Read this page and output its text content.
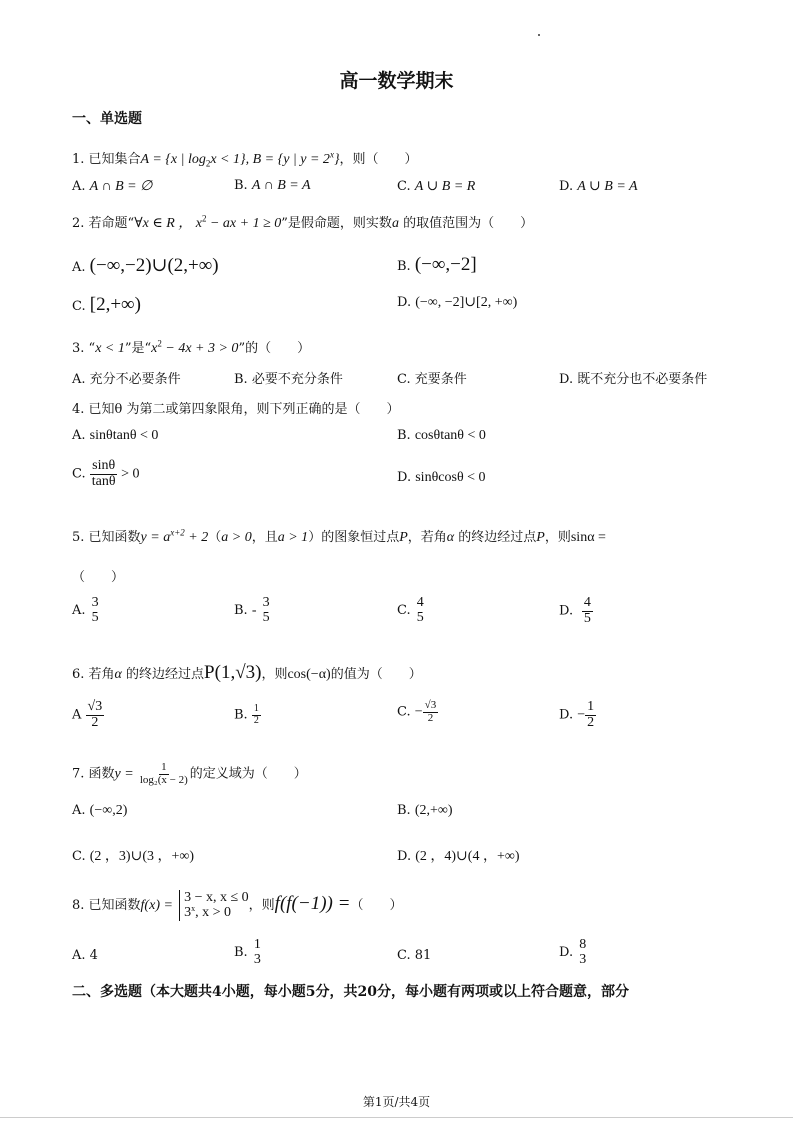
高一数学期末
一、单选题
1. 已知集合A = {x | $\log_2x < 1$}, B = {y | $y = 2^x$}，则（　　）
A. A ∩ B = ∅	B. A ∩ B = A	C. A ∪ B = R	D. A ∪ B = A
2. 若命题“∀x ∈ R ， $x^2$ − ax + 1 ≥ 0”是假命题，则实数a 的取值范围为（　　）
A. (−∞,−2)∪(2,+∞)	B. (−∞,−2]
C. [2,+∞)	D. (−∞, −2]∪[2, +∞)
3. “x < 1”是“$x^2 - 4x + 3 > 0$”的（　　）
A. 充分不必要条件	B. 必要不充分条件	C. 充要条件	D. 既不充分也不必要条件
4. 已知θ 为第二或第四象限角，则下列正确的是（　　）
A. sinθtanθ < 0	B. cosθtanθ < 0
C. $\frac{\sin\theta}{\tan\theta} > 0$	D. sinθcosθ < 0
5. 已知函数$y = a^{x+2} + 2(a > 0$，且a > 1）的图象恒过点P，若角α 的终边经过点P，则sinα =
（　　）
A.
3
5	B. -
3
5	C.
4
5	D. $\frac{4}{5}$
6. 若角α 的终边经过点P(1,√3)，则cos(−α)的值为（　　）
A $\frac{√3}{2}$	B. $\frac{1}{2}$	C. − $\frac{√3}{2}$	D. − $\frac{1}{2}$
7. 函数$y = \frac{1}{\text{log₂(x − 2)}}$ 的定义域为（　　）
A. (−∞,2)	B. (2,+∞)
C. (2 ，3)∪(3 ，+∞)	D. (2 ，4)∪(4 ，+∞)
8. 已知函数f(x) =
3 − x, x ≤ 0
3$^x$, x > 0	，则f(f(−1)) =（　　）
A. 4	B.
1
3	C. 81	D.
8
3
二、多选题（本大题共4小题，每小题5分，共20分，每小题有两项或以上符合题意，部分
第1页/共4页
